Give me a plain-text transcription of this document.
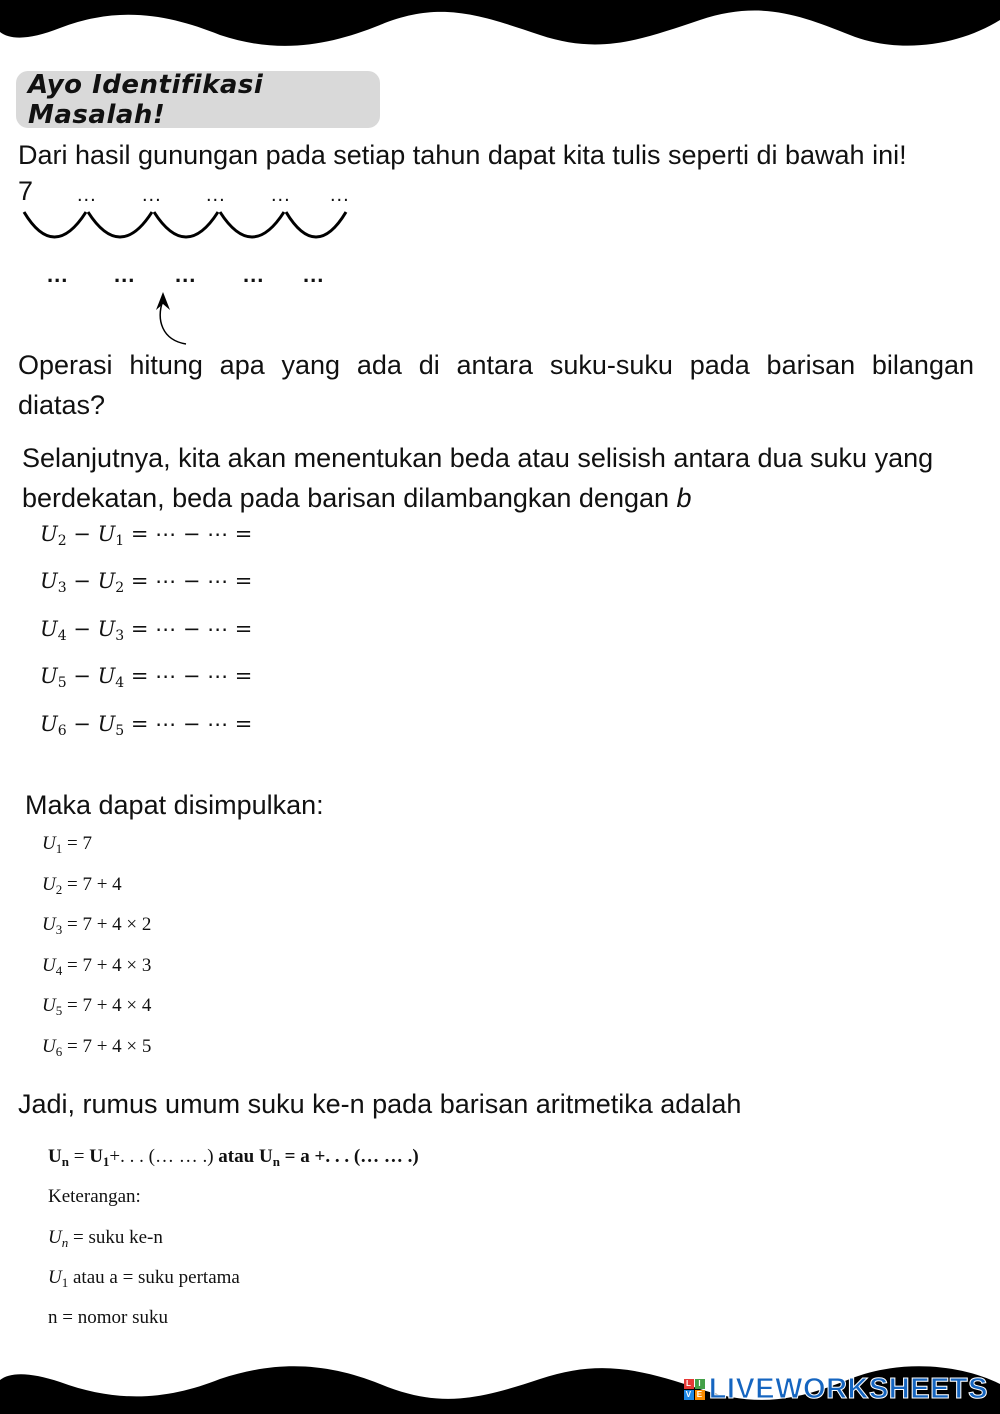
Ayo Identifikasi Masalah!

Dari hasil gunungan pada setiap tahun dapat kita tulis seperti di bawah ini!

7 ... ... ... ... ...
... ... ... ... ...

Operasi hitung apa yang ada di antara suku-suku pada barisan bilangan diatas?

Selanjutnya, kita akan menentukan beda atau selisish antara dua suku yang berdekatan, beda pada barisan dilambangkan dengan b

$U_2 - U_1$ = ⋯ − ⋯ =
$U_3 - U_2$ = ⋯ − ⋯ =
$U_4 - U_3$ = ⋯ − ⋯ =
$U_5 - U_4$ = ⋯ − ⋯ =
$U_6 - U_5$ = ⋯ − ⋯ =

Maka dapat disimpulkan:

$U_1 = 7$
$U_2 = 7 + 4$
$U_3 = 7 + 4 \times 2$
$U_4 = 7 + 4 \times 3$
$U_5 = 7 + 4 \times 4$
$U_6 = 7 + 4 \times 5$

Jadi, rumus umum suku ke-n pada barisan aritmetika adalah

$U_n = U_1+$. . . (… … .) atau $U_n = a$ +. . . (… … .)
Keterangan:
$U_n$ = suku ke-n
$U_1$ atau a = suku pertama
n = nomor suku
L I
V E LIVEWORKSHEETS
